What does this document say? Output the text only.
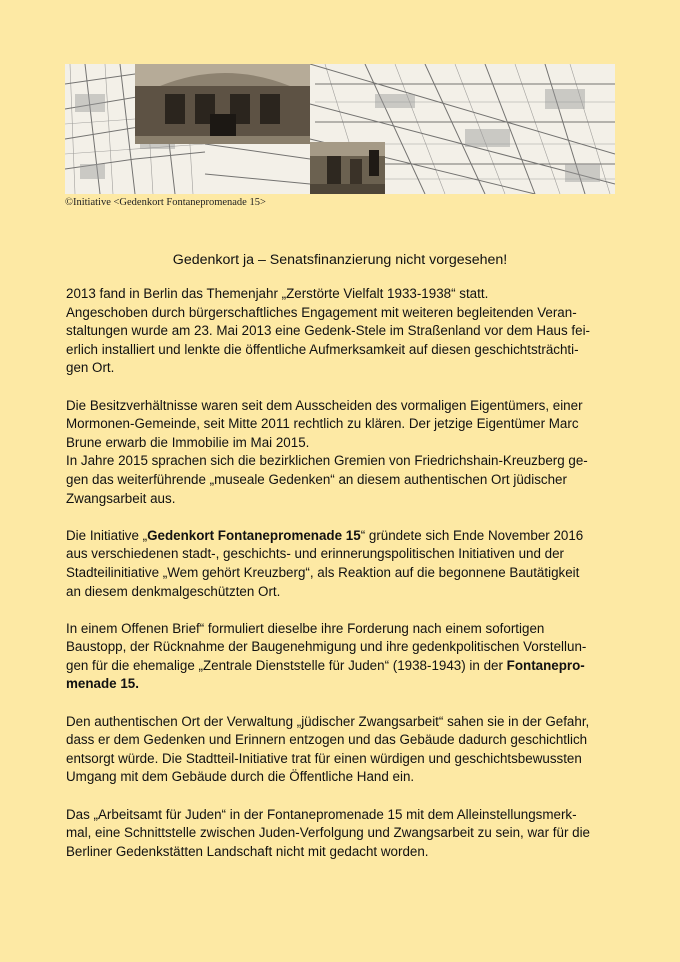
©Initiative <Gedenkort Fontanepromenade 15>
Gedenkort ja – Senatsfinanzierung nicht vorgesehen!

2013 fand in Berlin das Themenjahr „Zerstörte Vielfalt 1933-1938“ statt.
Angeschoben durch bürgerschaftliches Engagement mit weiteren begleitenden Veran-
staltungen wurde am 23. Mai 2013 eine Gedenk-Stele im Straßenland vor dem Haus fei-
erlich installiert und lenkte die öffentliche Aufmerksamkeit auf diesen geschichtsträchti-
gen Ort.

Die Besitzverhältnisse waren seit dem Ausscheiden des vormaligen Eigentümers, einer
Mormonen-Gemeinde, seit Mitte 2011 rechtlich zu klären. Der jetzige Eigentümer Marc
Brune erwarb die Immobilie im Mai 2015.
In Jahre 2015 sprachen sich die bezirklichen Gremien von Friedrichshain-Kreuzberg ge-
gen das weiterführende „museale Gedenken“ an diesem authentischen Ort jüdischer
Zwangsarbeit aus.

Die Initiative „Gedenkort Fontanepromenade 15“ gründete sich Ende November 2016
aus verschiedenen stadt-, geschichts- und erinnerungspolitischen Initiativen und der
Stadteilinitiative „Wem gehört Kreuzberg“, als Reaktion auf die begonnene Bautätigkeit
an diesem denkmalgeschützten Ort.

In einem Offenen Brief“ formuliert dieselbe ihre Forderung nach einem sofortigen
Baustopp, der Rücknahme der Baugenehmigung und ihre gedenkpolitischen Vorstellun-
gen für die ehemalige „Zentrale Dienststelle für Juden“ (1938-1943) in der Fontanepro-
menade 15.

Den authentischen Ort der Verwaltung „jüdischer Zwangsarbeit“ sahen sie in der Gefahr,
dass er dem Gedenken und Erinnern entzogen und das Gebäude dadurch geschichtlich
entsorgt würde. Die Stadtteil-Initiative trat für einen würdigen und geschichtsbewussten
Umgang mit dem Gebäude durch die Öffentliche Hand ein.

Das „Arbeitsamt für Juden“ in der Fontanepromenade 15 mit dem Alleinstellungsmerk-
mal, eine Schnittstelle zwischen Juden-Verfolgung und Zwangsarbeit zu sein, war für die
Berliner Gedenkstätten Landschaft nicht mit gedacht worden.
